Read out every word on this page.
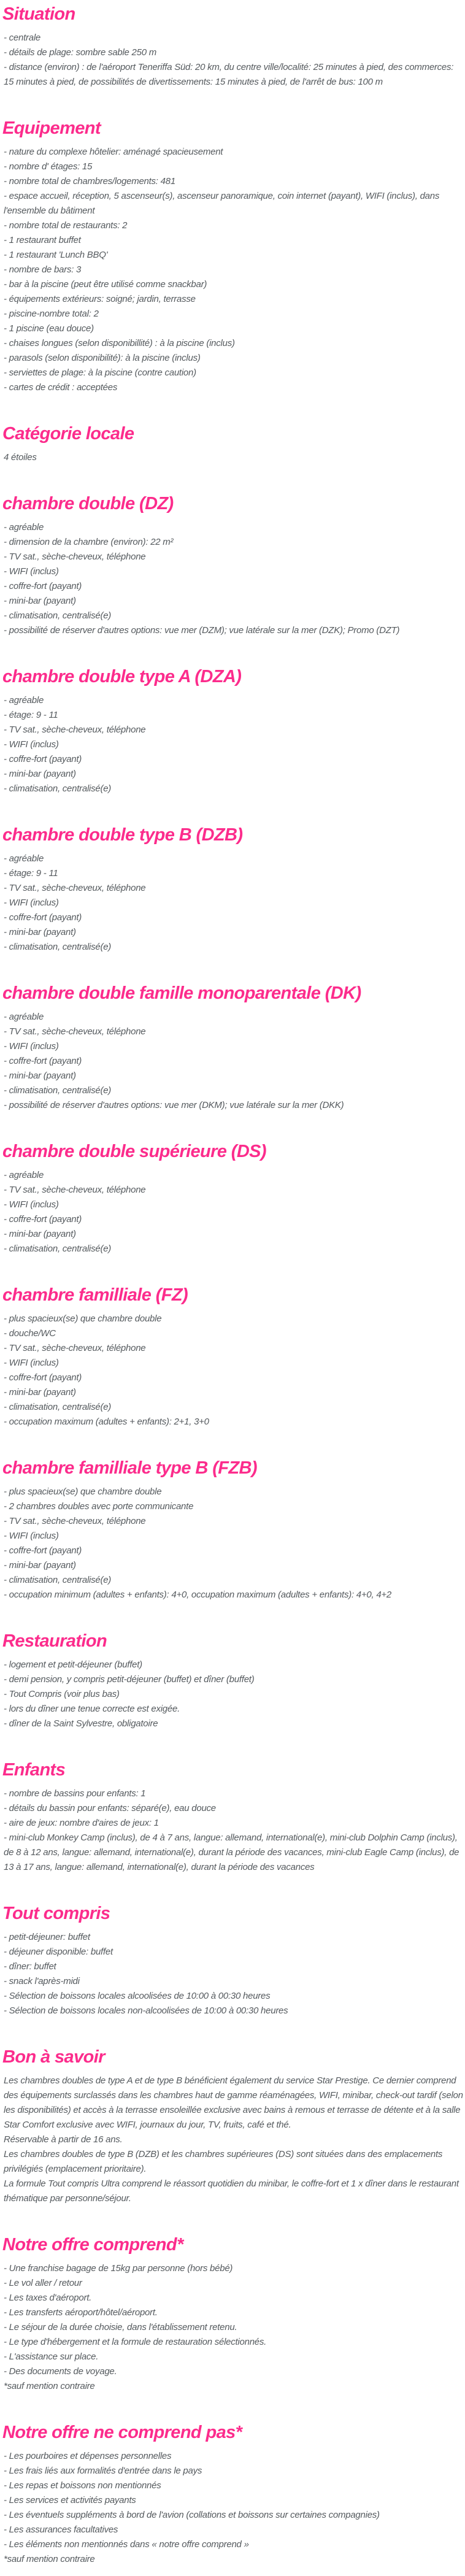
Situation

- centrale

- détails de plage: sombre sable 250 m

- distance (environ) : de l'aéroport Teneriffa Süd: 20 km, du centre ville/localité: 25 minutes à pied, des commerces: 15 minutes à pied, de possibilités de divertissements: 15 minutes à pied, de l'arrêt de bus: 100 m

Equipement

- nature du complexe hôtelier: aménagé spacieusement

- nombre d' étages: 15

- nombre total de chambres/logements: 481

- espace accueil, réception, 5 ascenseur(s), ascenseur panoramique, coin internet (payant), WIFI (inclus), dans l'ensemble du bâtiment

- nombre total de restaurants: 2

- 1 restaurant buffet

- 1 restaurant 'Lunch BBQ'

- nombre de bars: 3

- bar à la piscine (peut être utilisé comme snackbar)

- équipements extérieurs: soigné; jardin, terrasse

- piscine-nombre total: 2

- 1 piscine (eau douce)

- chaises longues (selon disponibillité) : à la piscine (inclus)

- parasols (selon disponibilité): à la piscine (inclus)

- serviettes de plage: à la piscine (contre caution)

- cartes de crédit : acceptées

Catégorie locale

4 étoiles

chambre double (DZ)

- agréable

- dimension de la chambre (environ): 22 m²

- TV sat., sèche-cheveux, téléphone

- WIFI (inclus)

- coffre-fort (payant)

- mini-bar (payant)

- climatisation, centralisé(e)

- possibilité de réserver d'autres options: vue mer (DZM); vue latérale sur la mer (DZK); Promo (DZT)

chambre double type A (DZA)

- agréable

- étage: 9 - 11

- TV sat., sèche-cheveux, téléphone

- WIFI (inclus)

- coffre-fort (payant)

- mini-bar (payant)

- climatisation, centralisé(e)

chambre double type B (DZB)

- agréable

- étage: 9 - 11

- TV sat., sèche-cheveux, téléphone

- WIFI (inclus)

- coffre-fort (payant)

- mini-bar (payant)

- climatisation, centralisé(e)

chambre double famille monoparentale (DK)

- agréable

- TV sat., sèche-cheveux, téléphone

- WIFI (inclus)

- coffre-fort (payant)

- mini-bar (payant)

- climatisation, centralisé(e)

- possibilité de réserver d'autres options: vue mer (DKM); vue latérale sur la mer (DKK)

chambre double supérieure (DS)

- agréable

- TV sat., sèche-cheveux, téléphone

- WIFI (inclus)

- coffre-fort (payant)

- mini-bar (payant)

- climatisation, centralisé(e)

chambre familliale (FZ)

- plus spacieux(se) que chambre double

- douche/WC

- TV sat., sèche-cheveux, téléphone

- WIFI (inclus)

- coffre-fort (payant)

- mini-bar (payant)

- climatisation, centralisé(e)

- occupation maximum (adultes + enfants): 2+1, 3+0

chambre familliale type B (FZB)

- plus spacieux(se) que chambre double

- 2 chambres doubles avec porte communicante

- TV sat., sèche-cheveux, téléphone

- WIFI (inclus)

- coffre-fort (payant)

- mini-bar (payant)

- climatisation, centralisé(e)

- occupation minimum (adultes + enfants): 4+0, occupation maximum (adultes + enfants): 4+0, 4+2

Restauration

- logement et petit-déjeuner (buffet)

- demi pension, y compris petit-déjeuner (buffet) et dîner (buffet)

- Tout Compris (voir plus bas)

- lors du dîner une tenue correcte est exigée.

- dîner de la Saint Sylvestre, obligatoire

Enfants

- nombre de bassins pour enfants: 1

- détails du bassin pour enfants: séparé(e), eau douce

- aire de jeux: nombre d'aires de jeux: 1

- mini-club Monkey Camp (inclus), de 4 à 7 ans, langue: allemand, international(e), mini-club Dolphin Camp (inclus), de 8 à 12 ans, langue: allemand, international(e), durant la période des vacances, mini-club Eagle Camp (inclus), de 13 à 17 ans, langue: allemand, international(e), durant la période des vacances

Tout compris

- petit-déjeuner: buffet

- déjeuner disponible: buffet

- dîner: buffet

- snack l'après-midi

- Sélection de boissons locales alcoolisées de 10:00 à 00:30 heures

- Sélection de boissons locales non-alcoolisées de 10:00 à 00:30 heures

Bon à savoir

Les chambres doubles de type A et de type B bénéficient également du service Star Prestige. Ce dernier comprend des équipements surclassés dans les chambres haut de gamme réaménagées, WIFI, minibar, check-out tardif (selon les disponibilités) et accès à la terrasse ensoleillée exclusive avec bains à remous et terrasse de détente et à la salle Star Comfort exclusive avec WIFI, journaux du jour, TV, fruits, café et thé.

Réservable à partir de 16 ans.

Les chambres doubles de type B (DZB) et les chambres supérieures (DS) sont situées dans des emplacements privilégiés (emplacement prioritaire).

La formule Tout compris Ultra comprend le réassort quotidien du minibar, le coffre-fort et 1 x dîner dans le restaurant thématique par personne/séjour.

Notre offre comprend*

- Une franchise bagage de 15kg par personne (hors bébé)

- Le vol aller / retour

- Les taxes d'aéroport.

- Les transferts aéroport/hôtel/aéroport.

- Le séjour de la durée choisie, dans l'établissement retenu.

- Le type d'hébergement et la formule de restauration sélectionnés.

- L'assistance sur place.

- Des documents de voyage.

*sauf mention contraire

Notre offre ne comprend pas*

- Les pourboires et dépenses personnelles

- Les frais liés aux formalités d'entrée dans le pays

- Les repas et boissons non mentionnés

- Les services et activités payants

- Les éventuels suppléments à bord de l'avion (collations et boissons sur certaines compagnies)

- Les assurances facultatives

- Les éléments non mentionnés dans « notre offre comprend »

*sauf mention contraire
